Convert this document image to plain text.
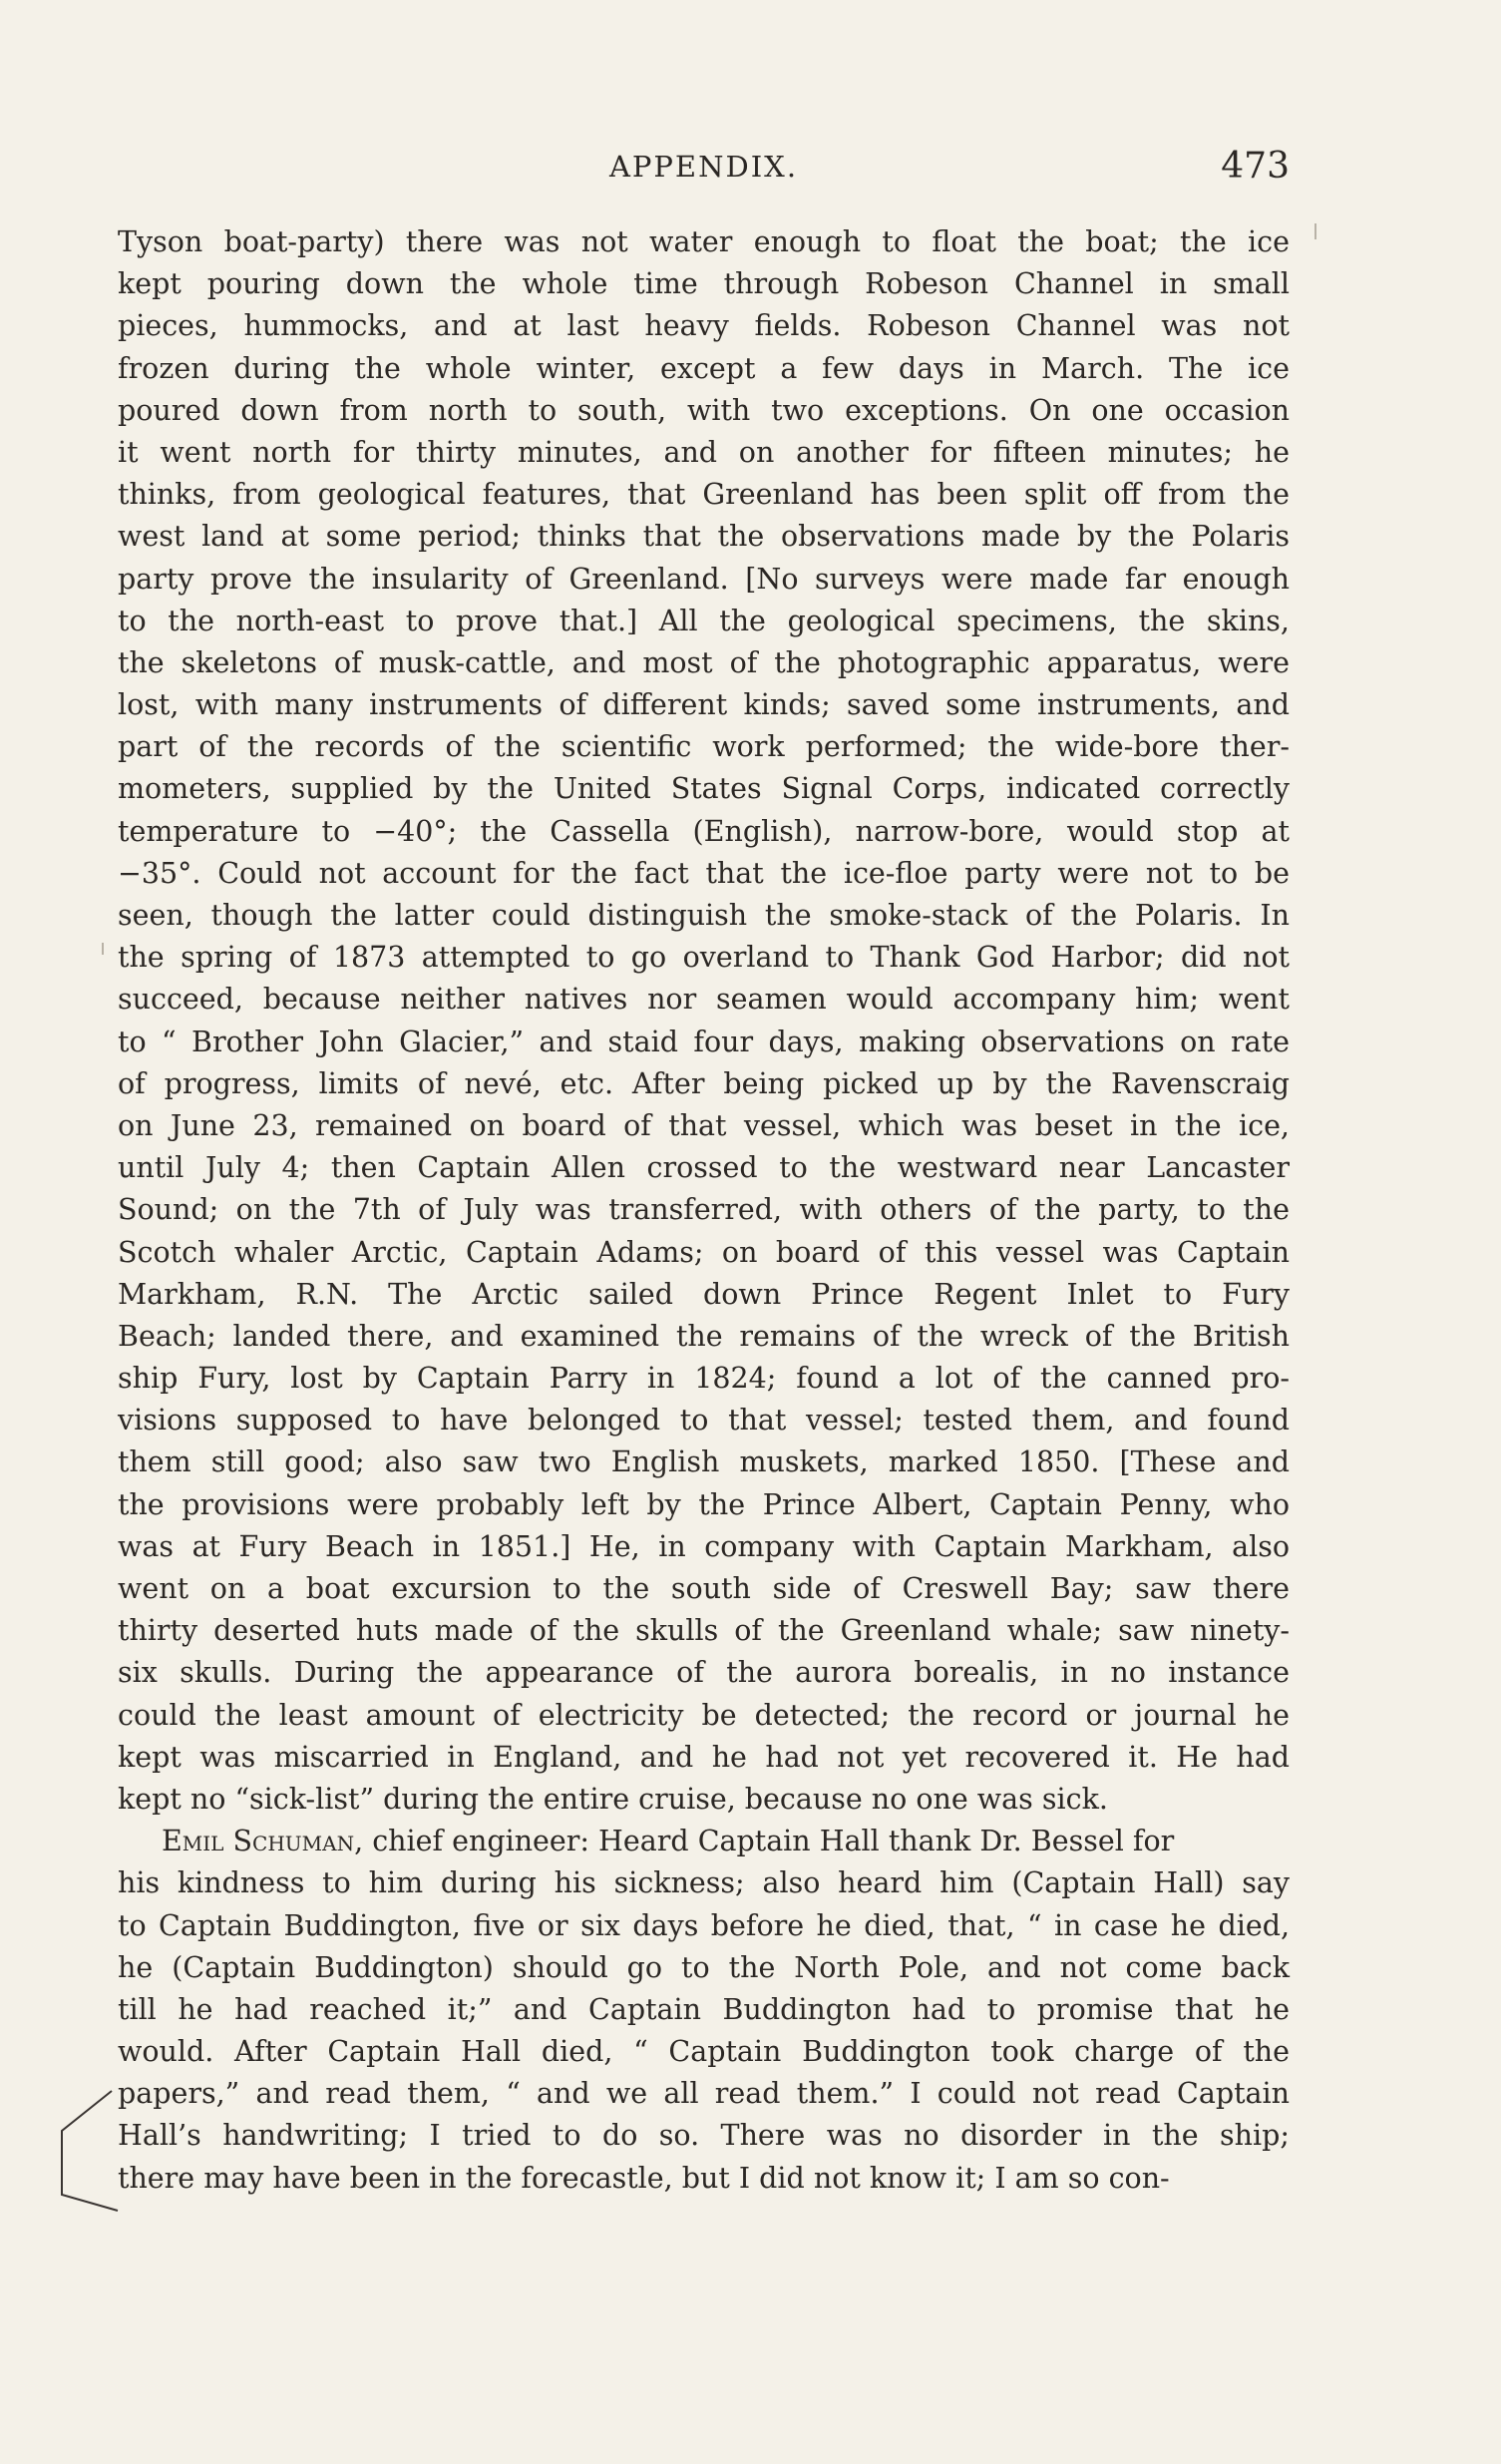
APPENDIX.	473
Tyson boat-party) there was not water enough to float the boat; the ice
kept pouring down the whole time through Robeson Channel in small
pieces, hummocks, and at last heavy fields. Robeson Channel was not
frozen during the whole winter, except a few days in March. The ice
poured down from north to south, with two exceptions. On one occasion
it went north for thirty minutes, and on another for fifteen minutes; he
thinks, from geological features, that Greenland has been split off from the
west land at some period; thinks that the observations made by the Polaris
party prove the insularity of Greenland. [No surveys were made far enough
to the north-east to prove that.] All the geological specimens, the skins,
the skeletons of musk-cattle, and most of the photographic apparatus, were
lost, with many instruments of different kinds; saved some instruments, and
part of the records of the scientific work performed; the wide-bore ther-
mometers, supplied by the United States Signal Corps, indicated correctly
temperature to −40°; the Cassella (English), narrow-bore, would stop at
−35°. Could not account for the fact that the ice-floe party were not to be
seen, though the latter could distinguish the smoke-stack of the Polaris. In
the spring of 1873 attempted to go overland to Thank God Harbor; did not
succeed, because neither natives nor seamen would accompany him; went
to “ Brother John Glacier,” and staid four days, making observations on rate
of progress, limits of nevé, etc. After being picked up by the Ravenscraig
on June 23, remained on board of that vessel, which was beset in the ice,
until July 4; then Captain Allen crossed to the westward near Lancaster
Sound; on the 7th of July was transferred, with others of the party, to the
Scotch whaler Arctic, Captain Adams; on board of this vessel was Captain
Markham, R.N. The Arctic sailed down Prince Regent Inlet to Fury
Beach; landed there, and examined the remains of the wreck of the British
ship Fury, lost by Captain Parry in 1824; found a lot of the canned pro-
visions supposed to have belonged to that vessel; tested them, and found
them still good; also saw two English muskets, marked 1850. [These and
the provisions were probably left by the Prince Albert, Captain Penny, who
was at Fury Beach in 1851.] He, in company with Captain Markham, also
went on a boat excursion to the south side of Creswell Bay; saw there
thirty deserted huts made of the skulls of the Greenland whale; saw ninety-
six skulls. During the appearance of the aurora borealis, in no instance
could the least amount of electricity be detected; the record or journal he
kept was miscarried in England, and he had not yet recovered it. He had
kept no “sick-list” during the entire cruise, because no one was sick.
Emil Schuman, chief engineer: Heard Captain Hall thank Dr. Bessel for
his kindness to him during his sickness; also heard him (Captain Hall) say
to Captain Buddington, five or six days before he died, that, “ in case he died,
he (Captain Buddington) should go to the North Pole, and not come back
till he had reached it;” and Captain Buddington had to promise that he
would. After Captain Hall died, “ Captain Buddington took charge of the
papers,” and read them, “ and we all read them.” I could not read Captain
Hall’s handwriting; I tried to do so. There was no disorder in the ship;
there may have been in the forecastle, but I did not know it; I am so con-
